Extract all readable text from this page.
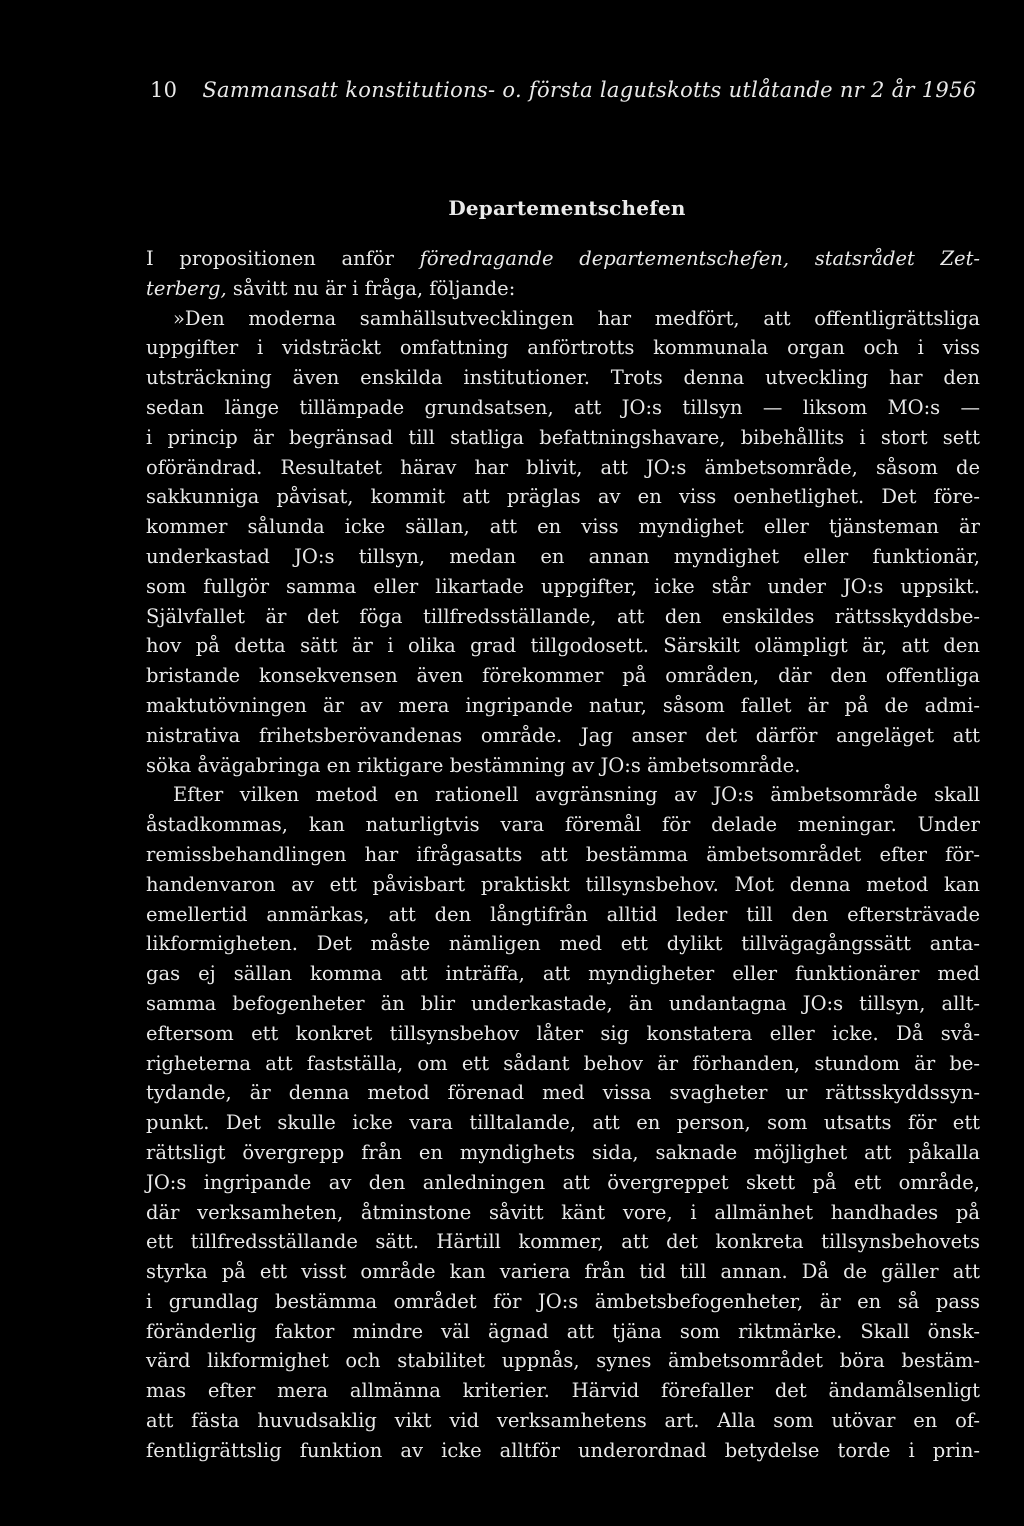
10 Sammansatt konstitutions- o. första lagutskotts utlåtande nr 2 år 1956
Departementschefen
I propositionen anför föredragande departementschefen, statsrådet Zet-
terberg, såvitt nu är i fråga, följande:
»Den moderna samhällsutvecklingen har medfört, att offentligrättsliga
uppgifter i vidsträckt omfattning anförtrotts kommunala organ och i viss
utsträckning även enskilda institutioner. Trots denna utveckling har den
sedan länge tillämpade grundsatsen, att JO:s tillsyn — liksom MO:s —
i princip är begränsad till statliga befattningshavare, bibehållits i stort sett
oförändrad. Resultatet härav har blivit, att JO:s ämbetsområde, såsom de
sakkunniga påvisat, kommit att präglas av en viss oenhetlighet. Det före-
kommer sålunda icke sällan, att en viss myndighet eller tjänsteman är
underkastad JO:s tillsyn, medan en annan myndighet eller funktionär,
som fullgör samma eller likartade uppgifter, icke står under JO:s uppsikt.
Självfallet är det föga tillfredsställande, att den enskildes rättsskyddsbe-
hov på detta sätt är i olika grad tillgodosett. Särskilt olämpligt är, att den
bristande konsekvensen även förekommer på områden, där den offentliga
maktutövningen är av mera ingripande natur, såsom fallet är på de admi-
nistrativa frihetsberövandenas område. Jag anser det därför angeläget att
söka åvägabringa en riktigare bestämning av JO:s ämbetsområde.
Efter vilken metod en rationell avgränsning av JO:s ämbetsområde skall
åstadkommas, kan naturligtvis vara föremål för delade meningar. Under
remissbehandlingen har ifrågasatts att bestämma ämbetsområdet efter för-
handenvaron av ett påvisbart praktiskt tillsynsbehov. Mot denna metod kan
emellertid anmärkas, att den långtifrån alltid leder till den eftersträvade
likformigheten. Det måste nämligen med ett dylikt tillvägagångssätt anta-
gas ej sällan komma att inträffa, att myndigheter eller funktionärer med
samma befogenheter än blir underkastade, än undantagna JO:s tillsyn, allt-
eftersom ett konkret tillsynsbehov låter sig konstatera eller icke. Då svå-
righeterna att fastställa, om ett sådant behov är förhanden, stundom är be-
tydande, är denna metod förenad med vissa svagheter ur rättsskyddssyn-
punkt. Det skulle icke vara tilltalande, att en person, som utsatts för ett
rättsligt övergrepp från en myndighets sida, saknade möjlighet att påkalla
JO:s ingripande av den anledningen att övergreppet skett på ett område,
där verksamheten, åtminstone såvitt känt vore, i allmänhet handhades på
ett tillfredsställande sätt. Härtill kommer, att det konkreta tillsynsbehovets
styrka på ett visst område kan variera från tid till annan. Då de gäller att
i grundlag bestämma området för JO:s ämbetsbefogenheter, är en så pass
föränderlig faktor mindre väl ägnad att tjäna som riktmärke. Skall önsk-
värd likformighet och stabilitet uppnås, synes ämbetsområdet böra bestäm-
mas efter mera allmänna kriterier. Härvid förefaller det ändamålsenligt
att fästa huvudsaklig vikt vid verksamhetens art. Alla som utövar en of-
fentligrättslig funktion av icke alltför underordnad betydelse torde i prin-
